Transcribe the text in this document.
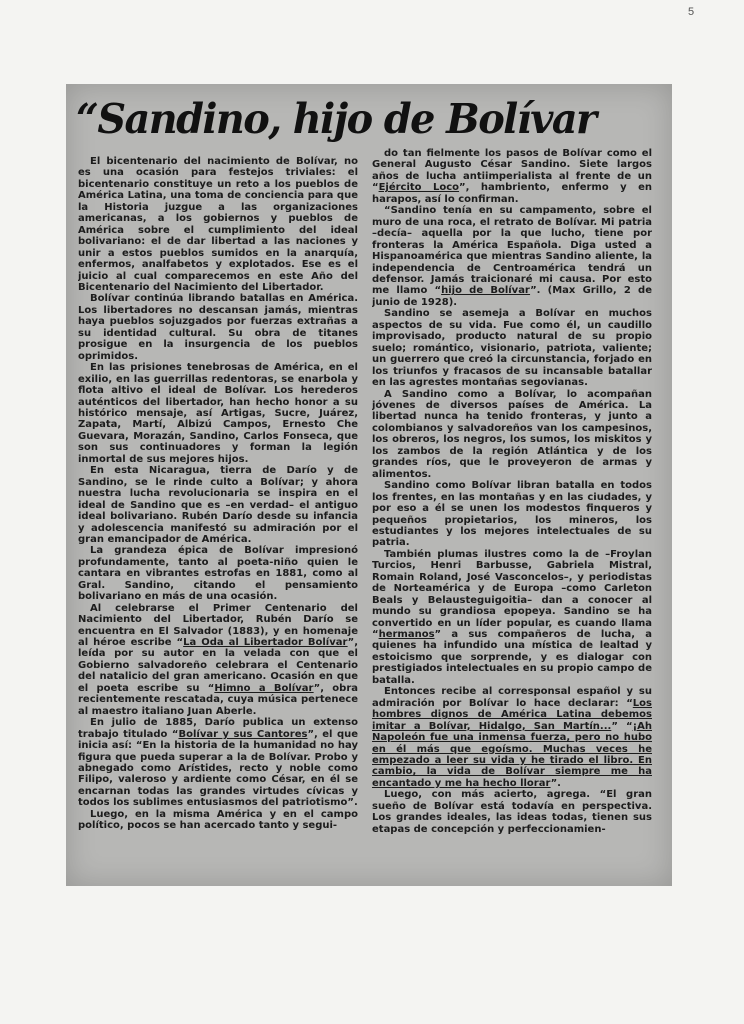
5
“Sandino, hijo de Bolívar

El bicentenario del nacimiento de Bolívar, no es una ocasión para festejos triviales: el bicentenario constituye un reto a los pueblos de América Latina, una toma de conciencia para que la Historia juzgue a las organizaciones americanas, a los gobiernos y pueblos de América sobre el cumplimiento del ideal bolivariano: el de dar libertad a las naciones y unir a estos pueblos sumidos en la anarquía, enfermos, analfabetos y explotados. Ese es el juicio al cual comparecemos en este Año del Bicentenario del Nacimiento del Libertador.

Bolívar continúa librando batallas en América. Los libertadores no descansan jamás, mientras haya pueblos sojuzgados por fuerzas extrañas a su identidad cultural. Su obra de titanes prosigue en la insurgencia de los pueblos oprimidos.

En las prisiones tenebrosas de América, en el exilio, en las guerrillas redentoras, se enarbola y flota altivo el ideal de Bolívar. Los herederos auténticos del libertador, han hecho honor a su histórico mensaje, así Artigas, Sucre, Juárez, Zapata, Martí, Albizú Campos, Ernesto Che Guevara, Morazán, Sandino, Carlos Fonseca, que son sus continuadores y forman la legión inmortal de sus mejores hijos.

En esta Nicaragua, tierra de Darío y de Sandino, se le rinde culto a Bolívar; y ahora nuestra lucha revolucionaria se inspira en el ideal de Sandino que es –en verdad– el antiguo ideal bolivariano. Rubén Darío desde su infancia y adolescencia manifestó su admiración por el gran emancipador de América.

La grandeza épica de Bolívar impresionó profundamente, tanto al poeta-niño quien le cantara en vibrantes estrofas en 1881, como al Gral. Sandino, citando el pensamiento bolivariano en más de una ocasión.

Al celebrarse el Primer Centenario del Nacimiento del Libertador, Rubén Darío se encuentra en El Salvador (1883), y en homenaje al héroe escribe “La Oda al Libertador Bolívar”, leída por su autor en la velada con que el Gobierno salvadoreño celebrara el Centenario del natalicio del gran americano. Ocasión en que el poeta escribe su “Himno a Bolívar”, obra recientemente rescatada, cuya música pertenece al maestro italiano Juan Aberle.

En julio de 1885, Darío publica un extenso trabajo titulado “Bolívar y sus Cantores”, el que inicia así: “En la historia de la humanidad no hay figura que pueda superar a la de Bolívar. Probo y abnegado como Arístides, recto y noble como Filipo, valeroso y ardiente como César, en él se encarnan todas las grandes virtudes cívicas y todos los sublimes entusiasmos del patriotismo”.

Luego, en la misma América y en el campo político, pocos se han acercado tanto y segui-

do tan fielmente los pasos de Bolívar como el General Augusto César Sandino. Siete largos años de lucha antiimperialista al frente de un “Ejército Loco”, hambriento, enfermo y en harapos, así lo confirman.

“Sandino tenía en su campamento, sobre el muro de una roca, el retrato de Bolívar. Mi patria –decía– aquella por la que lucho, tiene por fronteras la América Española. Diga usted a Hispanoamérica que mientras Sandino aliente, la independencia de Centroamérica tendrá un defensor. Jamás traicionaré mi causa. Por esto me llamo “hijo de Bolívar”. (Max Grillo, 2 de junio de 1928).

Sandino se asemeja a Bolívar en muchos aspectos de su vida. Fue como él, un caudillo improvisado, producto natural de su propio suelo; romántico, visionario, patriota, valiente; un guerrero que creó la circunstancia, forjado en los triunfos y fracasos de su incansable batallar en las agrestes montañas segovianas.

A Sandino como a Bolívar, lo acompañan jóvenes de diversos países de América. La libertad nunca ha tenido fronteras, y junto a colombianos y salvadoreños van los campesinos, los obreros, los negros, los sumos, los miskitos y los zambos de la región Atlántica y de los grandes ríos, que le proveyeron de armas y alimentos.

Sandino como Bolívar libran batalla en todos los frentes, en las montañas y en las ciudades, y por eso a él se unen los modestos finqueros y pequeños propietarios, los mineros, los estudiantes y los mejores intelectuales de su patria.

También plumas ilustres como la de –Froylan Turcios, Henri Barbusse, Gabriela Mistral, Romain Roland, José Vasconcelos–, y periodistas de Norteamérica y de Europa –como Carleton Beals y Belausteguigoitia– dan a conocer al mundo su grandiosa epopeya. Sandino se ha convertido en un líder popular, es cuando llama “hermanos” a sus compañeros de lucha, a quienes ha infundido una mística de lealtad y estoicismo que sorprende, y es dialogar con prestigiados intelectuales en su propio campo de batalla.

Entonces recibe al corresponsal español y su admiración por Bolívar lo hace declarar: “Los hombres dignos de América Latina debemos imitar a Bolívar, Hidalgo, San Martín...” “¡Ah Napoleón fue una inmensa fuerza, pero no hubo en él más que egoísmo. Muchas veces he empezado a leer su vida y he tirado el libro. En cambio, la vida de Bolívar siempre me ha encantado y me ha hecho llorar”.

Luego, con más acierto, agrega. “El gran sueño de Bolívar está todavía en perspectiva. Los grandes ideales, las ideas todas, tienen sus etapas de concepción y perfeccionamien-
